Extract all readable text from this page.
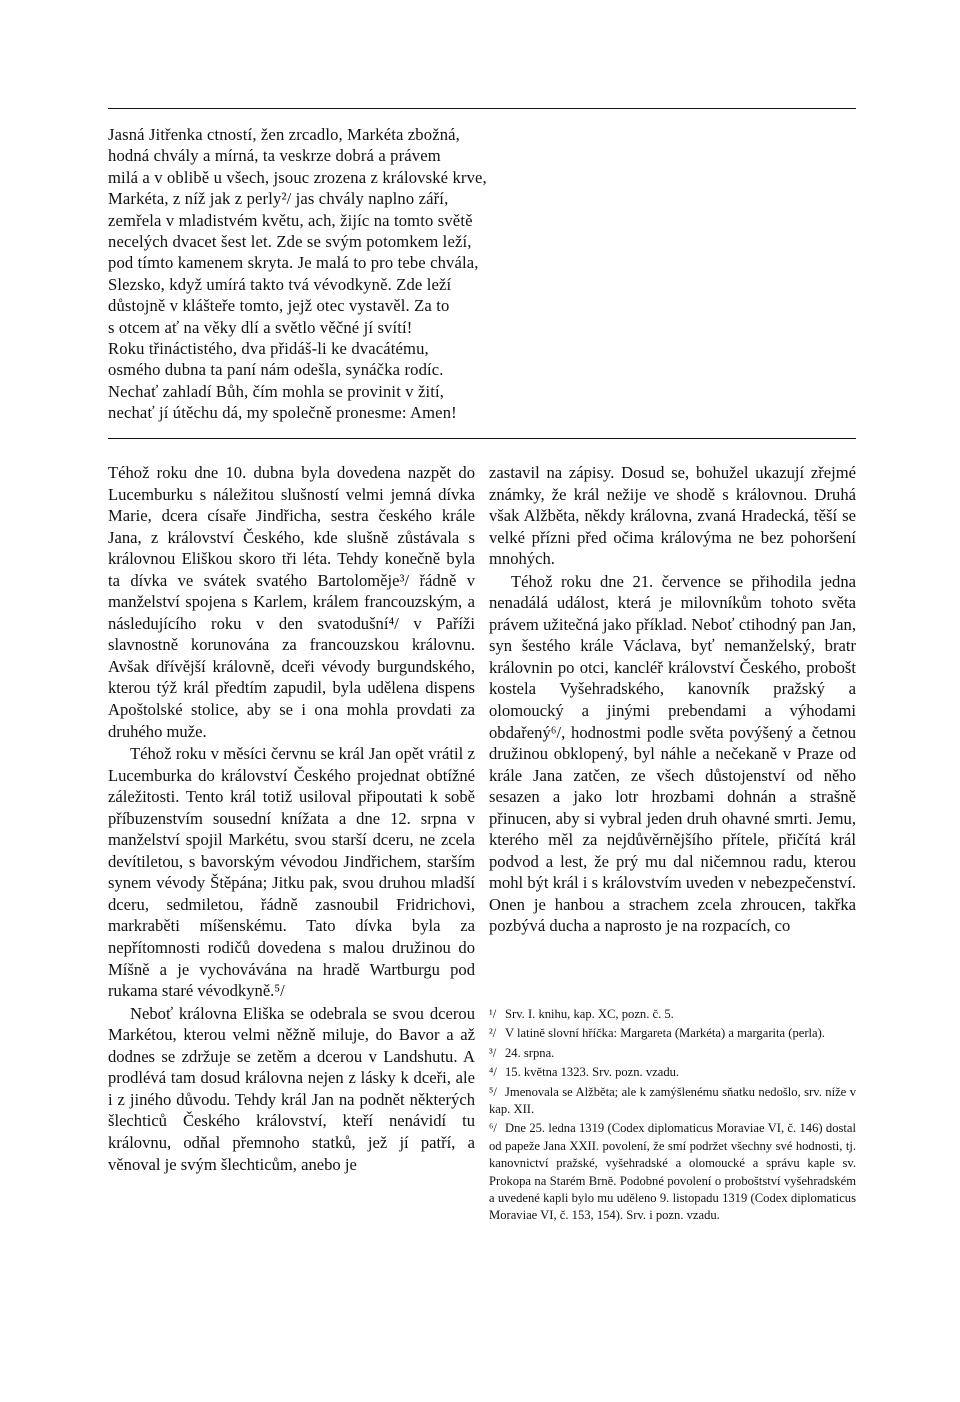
Jasná Jitřenka ctností, žen zrcadlo, Markéta zbožná,
hodná chvály a mírná, ta veskrze dobrá a právem
milá a v oblibě u všech, jsouc zrozena z královské krve,
Markéta, z níž jak z perly²/ jas chvály naplno září,
zemřela v mladistvém květu, ach, žijíc na tomto světě
necelých dvacet šest let. Zde se svým potomkem leží,
pod tímto kamenem skryta. Je malá to pro tebe chvála,
Slezsko, když umírá takto tvá vévodkyně. Zde leží
důstojně v klášteře tomto, jejž otec vystavěl. Za to
s otcem ať na věky dlí a světlo věčné jí svítí!
Roku třináctistého, dva přidáš-li ke dvacátému,
osmého dubna ta paní nám odešla, synáčka rodíc.
Nechať zahladí Bůh, čím mohla se provinit v žití,
nechať jí útěchu dá, my společně pronesme: Amen!

Téhož roku dne 10. dubna byla dovedena nazpět do Lucemburku s náležitou slušností velmi jemná dívka Marie, dcera císaře Jindřicha, sestra českého krále Jana, z království Českého, kde slušně zůstávala s královnou Eliškou skoro tři léta. Tehdy konečně byla ta dívka ve svátek svatého Bartoloměje³/ řádně v manželství spojena s Karlem, králem francouzským, a následujícího roku v den svatodušní⁴/ v Paříži slavnostně korunována za francouzskou královnu. Avšak dřívější královně, dceři vévody burgundského, kterou týž král předtím zapudil, byla udělena dispens Apoštolské stolice, aby se i ona mohla provdati za druhého muže.

Téhož roku v měsíci červnu se král Jan opět vrátil z Lucemburka do království Českého projednat obtížné záležitosti. Tento král totiž usiloval připoutati k sobě příbuzenstvím sousední knížata a dne 12. srpna v manželství spojil Markétu, svou starší dceru, ne zcela devítiletou, s bavorským vévodou Jindřichem, starším synem vévody Štěpána; Jitku pak, svou druhou mladší dceru, sedmiletou, řádně zasnoubil Fridrichovi, markraběti míšenskému. Tato dívka byla za nepřítomnosti rodičů dovedena s malou družinou do Míšně a je vychovávána na hradě Wartburgu pod rukama staré vévodkyně.⁵/

Neboť královna Eliška se odebrala se svou dcerou Markétou, kterou velmi něžně miluje, do Bavor a až dodnes se zdržuje se zetěm a dcerou v Landshutu. A prodlévá tam dosud královna nejen z lásky k dceři, ale i z jiného důvodu. Tehdy král Jan na podnět některých šlechticů Českého království, kteří nenávidí tu královnu, odňal přemnoho statků, jež jí patří, a věnoval je svým šlechticům, anebo je

zastavil na zápisy. Dosud se, bohužel ukazují zřejmé známky, že král nežije ve shodě s královnou. Druhá však Alžběta, někdy královna, zvaná Hradecká, těší se velké přízni před očima královýma ne bez pohoršení mnohých.

Téhož roku dne 21. července se přihodila jedna nenadálá událost, která je milovníkům tohoto světa právem užitečná jako příklad. Neboť ctihodný pan Jan, syn šestého krále Václava, byť nemanželský, bratr královnin po otci, kancléř království Českého, probošt kostela Vyšehradského, kanovník pražský a olomoucký a jinými prebendami a výhodami obdařený⁶/, hodnostmi podle světa povýšený a četnou družinou obklopený, byl náhle a nečekaně v Praze od krále Jana zatčen, ze všech důstojenství od něho sesazen a jako lotr hrozbami dohnán a strašně přinucen, aby si vybral jeden druh ohavné smrti. Jemu, kterého měl za nejdůvěrnějšího přítele, přičítá král podvod a lest, že prý mu dal ničemnou radu, kterou mohl být král i s královstvím uveden v nebezpečenství. Onen je hanbou a strachem zcela zhroucen, takřka pozbývá ducha a naprosto je na rozpacích, co

¹/ Srv. I. knihu, kap. XC, pozn. č. 5.

²/ V latině slovní hříčka: Margareta (Markéta) a margarita (perla).

³/ 24. srpna.

⁴/ 15. května 1323. Srv. pozn. vzadu.

⁵/ Jmenovala se Alžběta; ale k zamýšlenému sňatku nedošlo, srv. níže v kap. XII.

⁶/ Dne 25. ledna 1319 (Codex diplomaticus Moraviae VI, č. 146) dostal od papeže Jana XXII. povolení, že smí podržet všechny své hodnosti, tj. kanovnictví pražské, vyšehradské a olomoucké a správu kaple sv. Prokopa na Starém Brně. Podobné povolení o proboštství vyšehradském a uvedené kapli bylo mu uděleno 9. listopadu 1319 (Codex diplomaticus Moraviae VI, č. 153, 154). Srv. i pozn. vzadu.
